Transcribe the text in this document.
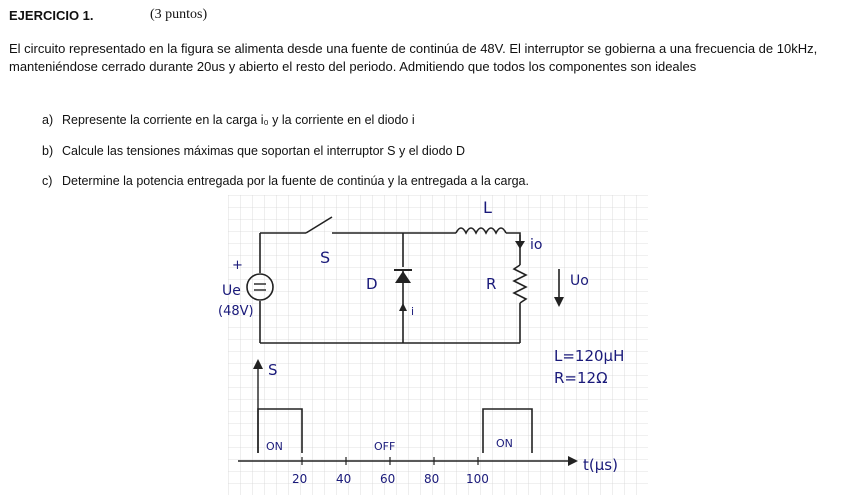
EJERCICIO 1.	(3 puntos)
El circuito representado en la figura se alimenta desde una fuente de continúa de 48V. El interruptor se gobierna a una frecuencia de 10kHz, manteniéndose cerrado durante 20us y abierto el resto del periodo. Admitiendo que todos los componentes son ideales
a) Represente la corriente en la carga i₀ y la corriente en el diodo i
b) Calcule las tensiones máximas que soportan el interruptor S y el diodo D
c) Determine la potencia entregada por la fuente de continúa y la entregada a la carga.
L
S
D
i
R
io
Uo
Ue
(48V)
+
L=120µH
R=12Ω
S
ON	OFF	ON
t(µs)
20 40 60 80 100
